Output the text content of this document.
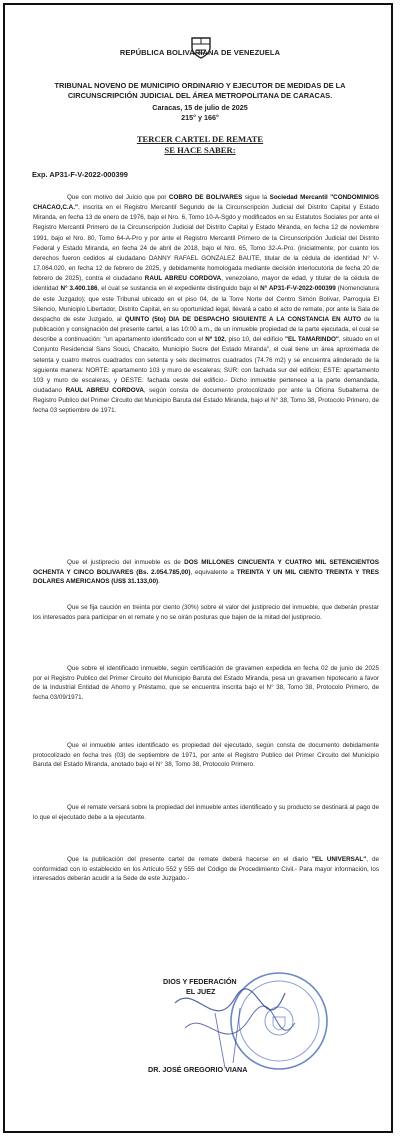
REPÚBLICA BOLIVARIANA DE VENEZUELA
TRIBUNAL NOVENO DE MUNICIPIO ORDINARIO Y EJECUTOR DE MEDIDAS DE LA
CIRCUNSCRIPCIÓN JUDICIAL DEL ÁREA METROPOLITANA DE CARACAS.
Caracas, 15 de julio de 2025
215° y 166°
TERCER CARTEL DE REMATE
SE HACE SABER:
Exp. AP31-F-V-2022-000399
Que con motivo del Juicio que por COBRO DE BOLIVARES sigue la Sociedad Mercantil "CONDOMINIOS CHACAO,C.A.", inscrita en el Registro Mercantil Segundo de la Circunscripción Judicial del Distrito Capital y Estado Miranda, en fecha 13 de enero de 1976, bajo el Nro. 6, Tomo 10-A-Sgdo y modificados en su Estatutos Sociales por ante el Registro Mercantil Primero de la Circunscripción Judicial del Distrito Capital y Estado Miranda, en fecha 12 de noviembre 1991, bajo el Nro. 80, Tomo 64-A-Pro y por ante el Registro Mercantil Primero de la Circunscripción Judicial del Distrito Federal y Estado Miranda, en fecha 24 de abril de 2018, bajo el Nro. 65, Tomo 32-A-Pro. (inicialmente, por cuanto los derechos fueron cedidos al ciudadano DANNY RAFAEL GONZALEZ BAUTE, titular de la cédula de identidad N° V- 17.064.020, en fecha 12 de febrero de 2025, y debidamente homologada mediante decisión interlocutoria de fecha 20 de febrero de 2025), contra el ciudadano RAUL ABREU CORDOVA, venezolano, mayor de edad, y titular de la cédula de identidad N° 3.400.186, el cual se sustancia en el expediente distinguido bajo el N° AP31-F-V-2022-000399 (Nomenclatura de este Juzgado); que este Tribunal ubicado en el piso 04, de la Torre Norte del Centro Simón Bolívar, Parroquia El Silencio, Municipio Libertador, Distrito Capital, en su oportunidad legal, llevará a cabo el acto de remate, por ante la Sala de despacho de este Juzgado, al QUINTO (5to) DIA DE DESPACHO SIGUIENTE A LA CONSTANCIA EN AUTO de la publicación y consignación del presente cartel, a las 10:00 a.m., de un inmueble propiedad de la parte ejecutada, el cual se describe a continuación: "un apartamento identificado con el Nº 102, piso 10, del edificio "EL TAMARINDO", situado en el Conjunto Residencial Sans Souci, Chacaito, Municipio Sucre del Estado Miranda", el cual tiene un área aproximada de setenta y cuatro metros cuadrados con setenta y seis decímetros cuadrados (74.76 m2) y se encuentra alinderado de la siguiente manera: NORTE: apartamento 103 y muro de escaleras; SUR: con fachada sur del edificio; ESTE: apartamento 103 y muro de escaleras, y OESTE: fachada oeste del edificio.- Dicho inmueble pertenece a la parte demandada, ciudadano RAUL ABREU CORDOVA, según consta de documento protocolizado por ante la Oficina Subalterna de Registro Publico del Primer Circuito del Municipio Baruta del Estado Miranda, bajo el N° 38, Tomo 38, Protocolo Primero, de fecha 03 septiembre de 1971.
Que el justiprecio del inmueble es de DOS MILLONES CINCUENTA Y CUATRO MIL SETENCIENTOS OCHENTA Y CINCO BOLIVARES (Bs. 2.054.785,00), equivalente a TREINTA Y UN MIL CIENTO TREINTA Y TRES DOLARES AMERICANOS (US$ 31.133,00).
Que se fija caución en treinta por ciento (30%) sobre el valor del justiprecio del inmueble, que deberán prestar los interesados para participar en el remate y no se oirán posturas que bajen de la mitad del justiprecio.
Que sobre el identificado inmueble, según certificación de gravamen expedida en fecha 02 de junio de 2025 por el Registro Publico del Primer Circuito del Municipio Baruta del Estado Miranda, pesa un gravamen hipotecario a favor de la Industrial Entidad de Ahorro y Préstamo, que se encuentra inscrita bajo el N° 38, Tomo 38, Protocolo Primero, de fecha 03/09/1971.
Que el inmueble antes identificado es propiedad del ejecutado, según consta de documento debidamente protocolizado en fecha tres (03) de septiembre de 1971, por ante el Registro Publico del Primer Circuito del Municipio Baruta del Estado Miranda, anotado bajo el N° 38, Tomo 38, Protocolo Primero.
Que el remate versará sobre la propiedad del inmueble antes identificado y su producto se destinará al pago de lo que el ejecutado debe a la ejecutante.
Que la publicación del presente cartel de remate deberá hacerse en el diario "EL UNIVERSAL", de conformidad con lo establecido en los Artículo 552 y 555 del Código de Procedimiento Civil.- Para mayor información, los interesados deberán acudir a la Sede de este Juzgado.-
DIOS Y FEDERACIÓN
EL JUEZ
DR. JOSÉ GREGORIO VIANA
